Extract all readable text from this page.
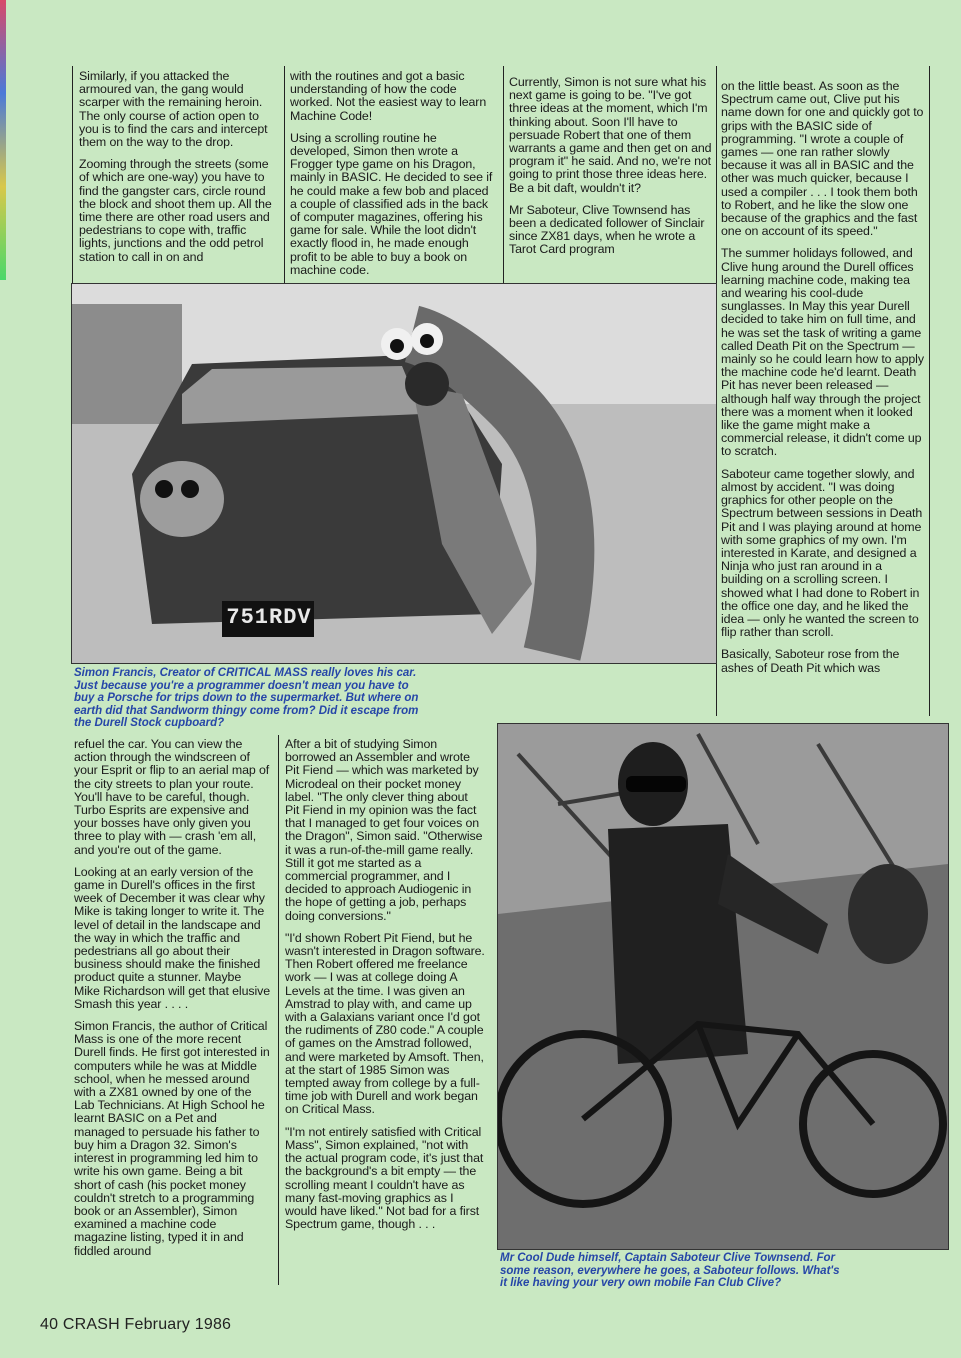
Similarly, if you attacked the armoured van, the gang would scarper with the remaining heroin. The only course of action open to you is to find the cars and intercept them on the way to the drop.

Zooming through the streets (some of which are one-way) you have to find the gangster cars, circle round the block and shoot them up. All the time there are other road users and pedestrians to cope with, traffic lights, junctions and the odd petrol station to call in on and

with the routines and got a basic understanding of how the code worked. Not the easiest way to learn Machine Code!

Using a scrolling routine he developed, Simon then wrote a Frogger type game on his Dragon, mainly in BASIC. He decided to see if he could make a few bob and placed a couple of classified ads in the back of computer magazines, offering his game for sale. While the loot didn't exactly flood in, he made enough profit to be able to buy a book on machine code.

Currently, Simon is not sure what his next game is going to be. "I've got three ideas at the moment, which I'm thinking about. Soon I'll have to persuade Robert that one of them warrants a game and then get on and program it" he said. And no, we're not going to print those three ideas here. Be a bit daft, wouldn't it?

Mr Saboteur, Clive Townsend has been a dedicated follower of Sinclair since ZX81 days, when he wrote a Tarot Card program

on the little beast. As soon as the Spectrum came out, Clive put his name down for one and quickly got to grips with the BASIC side of programming. "I wrote a couple of games — one ran rather slowly because it was all in BASIC and the other was much quicker, because I used a compiler . . . I took them both to Robert, and he like the slow one because of the graphics and the fast one on account of its speed."

The summer holidays followed, and Clive hung around the Durell offices learning machine code, making tea and wearing his cool-dude sunglasses. In May this year Durell decided to take him on full time, and he was set the task of writing a game called Death Pit on the Spectrum — mainly so he could learn how to apply the machine code he'd learnt. Death Pit has never been released — although half way through the project there was a moment when it looked like the game might make a commercial release, it didn't come up to scratch.

Saboteur came together slowly, and almost by accident. "I was doing graphics for other people on the Spectrum between sessions in Death Pit and I was playing around at home with some graphics of my own. I'm interested in Karate, and designed a Ninja who just ran around in a building on a scrolling screen. I showed what I had done to Robert in the office one day, and he liked the idea — only he wanted the screen to flip rather than scroll.

Basically, Saboteur rose from the ashes of Death Pit which was

751RDV
Simon Francis, Creator of CRITICAL MASS really loves his car. Just because you're a programmer doesn't mean you have to buy a Porsche for trips down to the supermarket. But where on earth did that Sandworm thingy come from? Did it escape from the Durell Stock cupboard?

refuel the car. You can view the action through the windscreen of your Esprit or flip to an aerial map of the city streets to plan your route. You'll have to be careful, though. Turbo Esprits are expensive and your bosses have only given you three to play with — crash 'em all, and you're out of the game.

Looking at an early version of the game in Durell's offices in the first week of December it was clear why Mike is taking longer to write it. The level of detail in the landscape and the way in which the traffic and pedestrians all go about their business should make the finished product quite a stunner. Maybe Mike Richardson will get that elusive Smash this year . . . .

Simon Francis, the author of Critical Mass is one of the more recent Durell finds. He first got interested in computers while he was at Middle school, when he messed around with a ZX81 owned by one of the Lab Technicians. At High School he learnt BASIC on a Pet and managed to persuade his father to buy him a Dragon 32. Simon's interest in programming led him to write his own game. Being a bit short of cash (his pocket money couldn't stretch to a programming book or an Assembler), Simon examined a machine code magazine listing, typed it in and fiddled around

After a bit of studying Simon borrowed an Assembler and wrote Pit Fiend — which was marketed by Microdeal on their pocket money label. "The only clever thing about Pit Fiend in my opinion was the fact that I managed to get four voices on the Dragon", Simon said. "Otherwise it was a run-of-the-mill game really. Still it got me started as a commercial programmer, and I decided to approach Audiogenic in the hope of getting a job, perhaps doing conversions."

"I'd shown Robert Pit Fiend, but he wasn't interested in Dragon software. Then Robert offered me freelance work — I was at college doing A Levels at the time. I was given an Amstrad to play with, and came up with a Galaxians variant once I'd got the rudiments of Z80 code." A couple of games on the Amstrad followed, and were marketed by Amsoft. Then, at the start of 1985 Simon was tempted away from college by a full-time job with Durell and work began on Critical Mass.

"I'm not entirely satisfied with Critical Mass", Simon explained, "not with the actual program code, it's just that the background's a bit empty — the scrolling meant I couldn't have as many fast-moving graphics as I would have liked." Not bad for a first Spectrum game, though . . .

Mr Cool Dude himself, Captain Saboteur Clive Townsend. For some reason, everywhere he goes, a Saboteur follows. What's it like having your very own mobile Fan Club Clive?
40 CRASH February 1986
